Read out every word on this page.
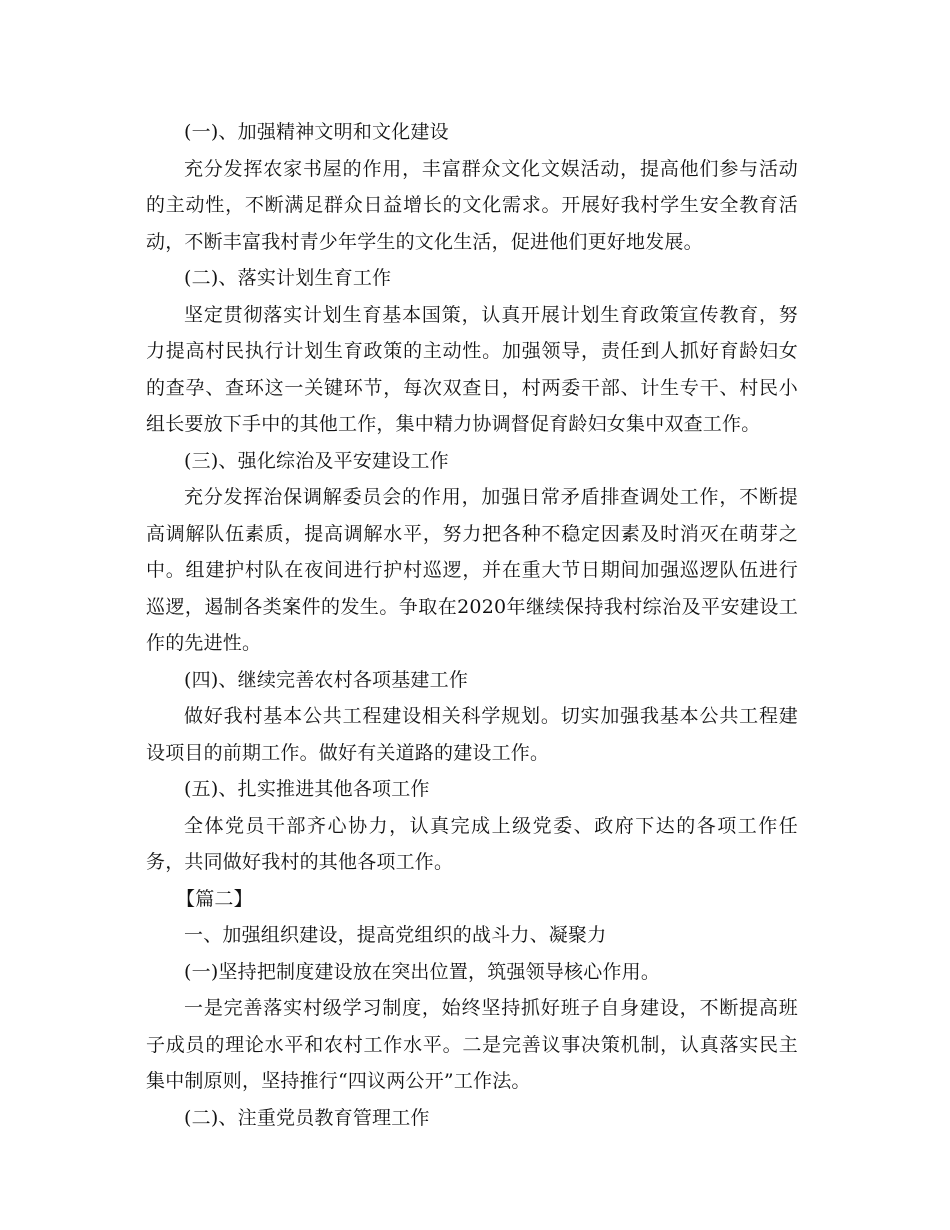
(一)、加强精神文明和文化建设

充分发挥农家书屋的作用，丰富群众文化文娱活动，提高他们参与活动的主动性，不断满足群众日益增长的文化需求。开展好我村学生安全教育活动，不断丰富我村青少年学生的文化生活，促进他们更好地发展。

(二)、落实计划生育工作

坚定贯彻落实计划生育基本国策，认真开展计划生育政策宣传教育，努力提高村民执行计划生育政策的主动性。加强领导，责任到人抓好育龄妇女的查孕、查环这一关键环节，每次双查日，村两委干部、计生专干、村民小组长要放下手中的其他工作，集中精力协调督促育龄妇女集中双查工作。

(三)、强化综治及平安建设工作

充分发挥治保调解委员会的作用，加强日常矛盾排查调处工作，不断提高调解队伍素质，提高调解水平，努力把各种不稳定因素及时消灭在萌芽之中。组建护村队在夜间进行护村巡逻，并在重大节日期间加强巡逻队伍进行巡逻，遏制各类案件的发生。争取在2020年继续保持我村综治及平安建设工作的先进性。

(四)、继续完善农村各项基建工作

做好我村基本公共工程建设相关科学规划。切实加强我基本公共工程建设项目的前期工作。做好有关道路的建设工作。

(五)、扎实推进其他各项工作

全体党员干部齐心协力，认真完成上级党委、政府下达的各项工作任务，共同做好我村的其他各项工作。

【篇二】

一、加强组织建设，提高党组织的战斗力、凝聚力

(一)坚持把制度建设放在突出位置，筑强领导核心作用。

一是完善落实村级学习制度，始终坚持抓好班子自身建设，不断提高班子成员的理论水平和农村工作水平。二是完善议事决策机制，认真落实民主集中制原则，坚持推行“四议两公开”工作法。

(二)、注重党员教育管理工作
